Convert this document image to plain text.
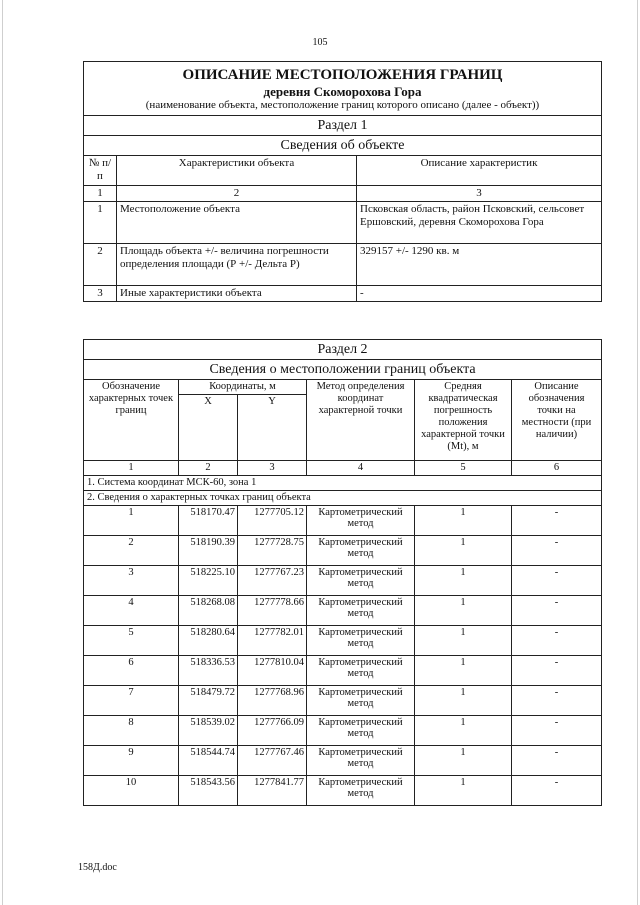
105
ОПИСАНИЕ МЕСТОПОЛОЖЕНИЯ ГРАНИЦ
деревня Скоморохова Гора
(наименование объекта, местоположение границ которого описано (далее - объект))		

Раздел 1		
Сведения об объекте		
№ п/п	Характеристики объекта	Описание характеристик
1	2	3
1	Местоположение объекта	Псковская область, район Псковский, сельсовет Ершовский, деревня Скоморохова Гора
2	Площадь объекта +/- величина погрешности определения площади (Р +/- Дельта Р)	329157 +/- 1290 кв. м
3	Иные характеристики объекта	-
Раздел 2					
Сведения о местоположении границ объекта					
Обозначение характерных точек границ	Координаты, м		Метод определения координат характерной точки	Средняя квадратическая погрешность положения характерной точки (Mt), м	Описание обозначения точки на местности (при наличии)
	X	Y			
1	2	3	4	5	6
1. Система координат МСК-60, зона 1					
2. Сведения о характерных точках границ объекта					
1	518170.47	1277705.12	Картометрический метод	1	-
2	518190.39	1277728.75	Картометрический метод	1	-
3	518225.10	1277767.23	Картометрический метод	1	-
4	518268.08	1277778.66	Картометрический метод	1	-
5	518280.64	1277782.01	Картометрический метод	1	-
6	518336.53	1277810.04	Картометрический метод	1	-
7	518479.72	1277768.96	Картометрический метод	1	-
8	518539.02	1277766.09	Картометрический метод	1	-
9	518544.74	1277767.46	Картометрический метод	1	-
10	518543.56	1277841.77	Картометрический метод	1	-
158Д.doc
